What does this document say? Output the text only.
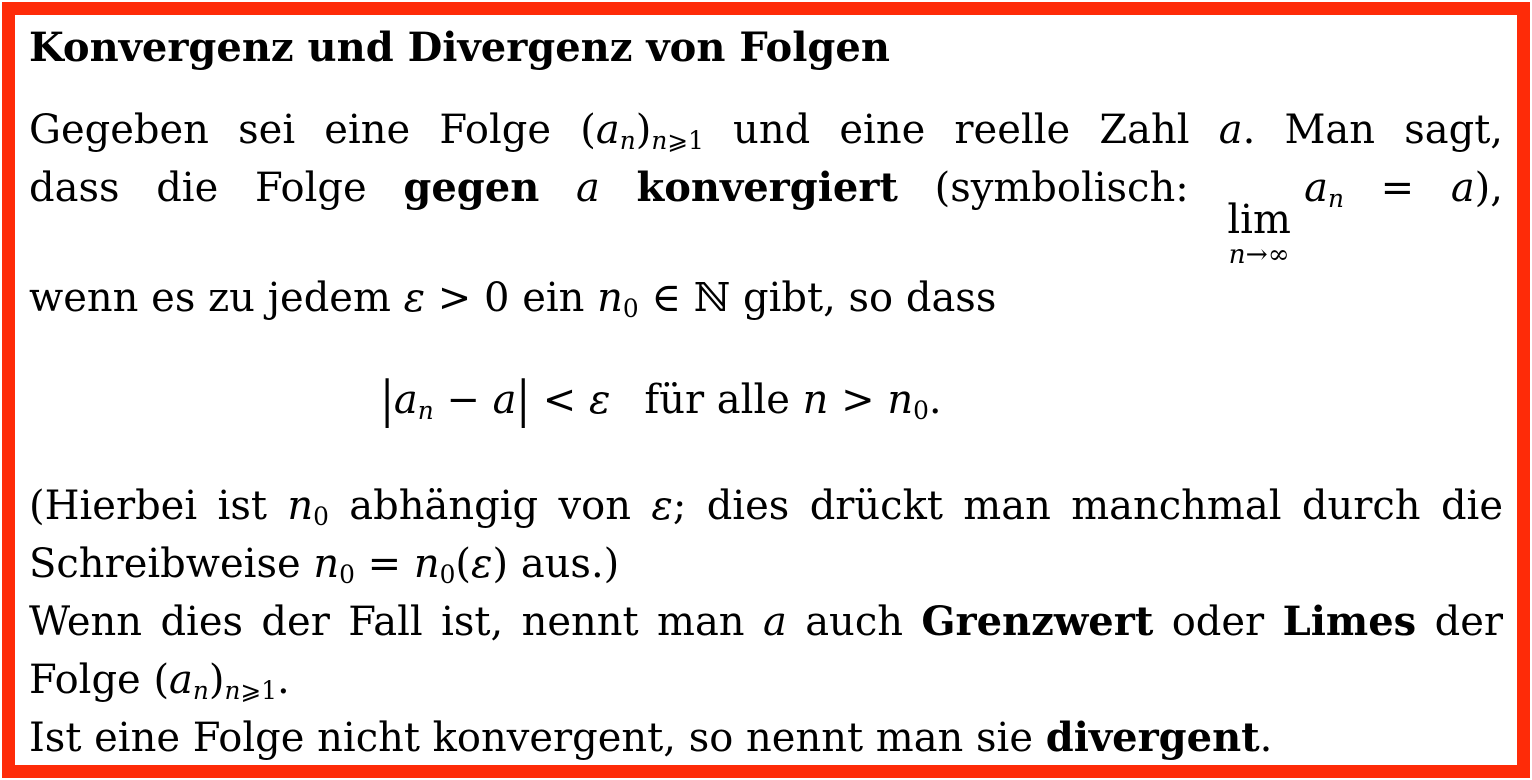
Konvergenz und Divergenz von Folgen
Gegeben sei eine Folge $(a_n)_{n⩾1}$ und eine reelle Zahl a. Man sagt,
dass die Folge gegen a konvergiert (symbolisch:
lim
n→∞
$a_n = a$),
wenn es zu jedem ε > 0 ein $n_0$ ∈ ℕ gibt, so dass
$|a_n - a| < \varepsilon$ für alle $n > n_0$.
(Hierbei ist $n_0$ abhängig von ε; dies drückt man manchmal durch die
Schreibweise $n_0 = n_0(\varepsilon)$ aus.)
Wenn dies der Fall ist, nennt man a auch Grenzwert oder Limes der
Folge $(a_n)_{n⩾1}$.
Ist eine Folge nicht konvergent, so nennt man sie divergent.
